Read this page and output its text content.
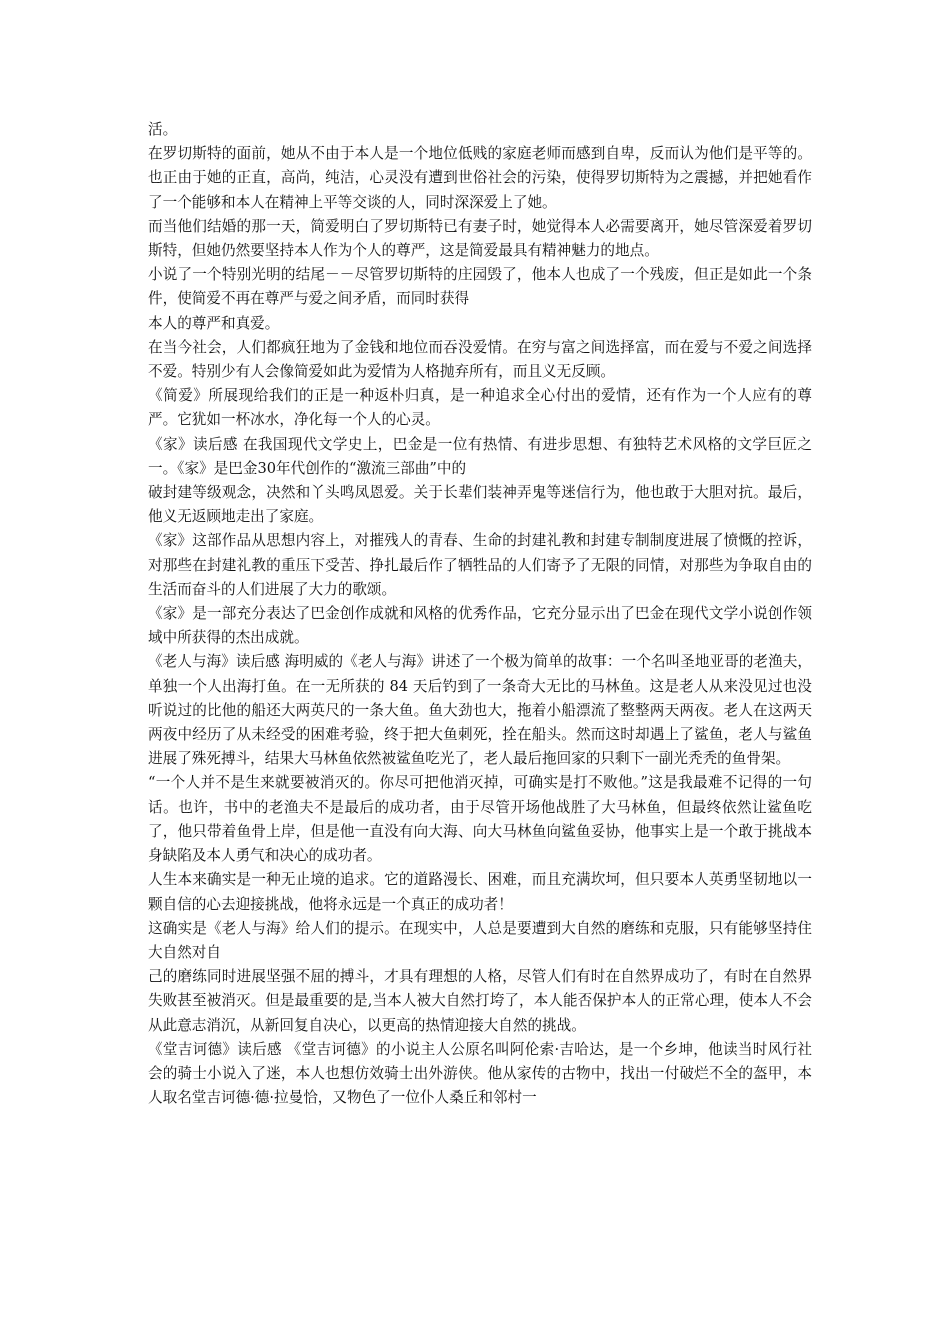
活。

在罗切斯特的面前，她从不由于本人是一个地位低贱的家庭老师而感到自卑，反而认为他们是平等的。也正由于她的正直，高尚，纯洁，心灵没有遭到世俗社会的污染，使得罗切斯特为之震撼，并把她看作了一个能够和本人在精神上平等交谈的人，同时深深爱上了她。

而当他们结婚的那一天，简爱明白了罗切斯特已有妻子时，她觉得本人必需要离开，她尽管深爱着罗切斯特，但她仍然要坚持本人作为个人的尊严，这是简爱最具有精神魅力的地点。

小说了一个特别光明的结尾－－尽管罗切斯特的庄园毁了，他本人也成了一个残废，但正是如此一个条件，使简爱不再在尊严与爱之间矛盾，而同时获得

本人的尊严和真爱。

在当今社会，人们都疯狂地为了金钱和地位而吞没爱情。在穷与富之间选择富，而在爱与不爱之间选择不爱。特别少有人会像简爱如此为爱情为人格抛弃所有，而且义无反顾。

《简爱》所展现给我们的正是一种返朴归真，是一种追求全心付出的爱情，还有作为一个人应有的尊严。它犹如一杯冰水，净化每一个人的心灵。

《家》读后感 在我国现代文学史上，巴金是一位有热情、有进步思想、有独特艺术风格的文学巨匠之一。《家》是巴金30年代创作的“激流三部曲”中的

破封建等级观念，决然和丫头鸣凤恩爱。关于长辈们装神弄鬼等迷信行为，他也敢于大胆对抗。最后，他义无返顾地走出了家庭。

《家》这部作品从思想内容上，对摧残人的青春、生命的封建礼教和封建专制制度进展了愤慨的控诉，对那些在封建礼教的重压下受苦、挣扎最后作了牺牲品的人们寄予了无限的同情，对那些为争取自由的生活而奋斗的人们进展了大力的歌颂。

《家》是一部充分表达了巴金创作成就和风格的优秀作品，它充分显示出了巴金在现代文学小说创作领域中所获得的杰出成就。

《老人与海》读后感 海明威的《老人与海》讲述了一个极为简单的故事：一个名叫圣地亚哥的老渔夫，单独一个人出海打鱼。在一无所获的 84 天后钓到了一条奇大无比的马林鱼。这是老人从来没见过也没听说过的比他的船还大两英尺的一条大鱼。鱼大劲也大，拖着小船漂流了整整两天两夜。老人在这两天两夜中经历了从未经受的困难考验，终于把大鱼刺死，拴在船头。然而这时却遇上了鲨鱼，老人与鲨鱼进展了殊死搏斗，结果大马林鱼依然被鲨鱼吃光了，老人最后拖回家的只剩下一副光秃秃的鱼骨架。

“一个人并不是生来就要被消灭的。你尽可把他消灭掉，可确实是打不败他。”这是我最难不记得的一句话。也许，书中的老渔夫不是最后的成功者，由于尽管开场他战胜了大马林鱼，但最终依然让鲨鱼吃了，他只带着鱼骨上岸，但是他一直没有向大海、向大马林鱼向鲨鱼妥协，他事实上是一个敢于挑战本身缺陷及本人勇气和决心的成功者。

人生本来确实是一种无止境的追求。它的道路漫长、困难，而且充满坎坷，但只要本人英勇坚韧地以一颗自信的心去迎接挑战，他将永远是一个真正的成功者！

这确实是《老人与海》给人们的提示。在现实中，人总是要遭到大自然的磨练和克服，只有能够坚持住大自然对自

己的磨练同时进展坚强不屈的搏斗，才具有理想的人格，尽管人们有时在自然界成功了，有时在自然界失败甚至被消灭。但是最重要的是,当本人被大自然打垮了，本人能否保护本人的正常心理，使本人不会从此意志消沉，从新回复自决心，以更高的热情迎接大自然的挑战。

《堂吉诃德》读后感 《堂吉诃德》的小说主人公原名叫阿伦索·吉哈达，是一个乡坤，他读当时风行社会的骑士小说入了迷，本人也想仿效骑士出外游侠。他从家传的古物中，找出一付破烂不全的盔甲，本人取名堂吉诃德·德·拉曼恰，又物色了一位仆人桑丘和邻村一
